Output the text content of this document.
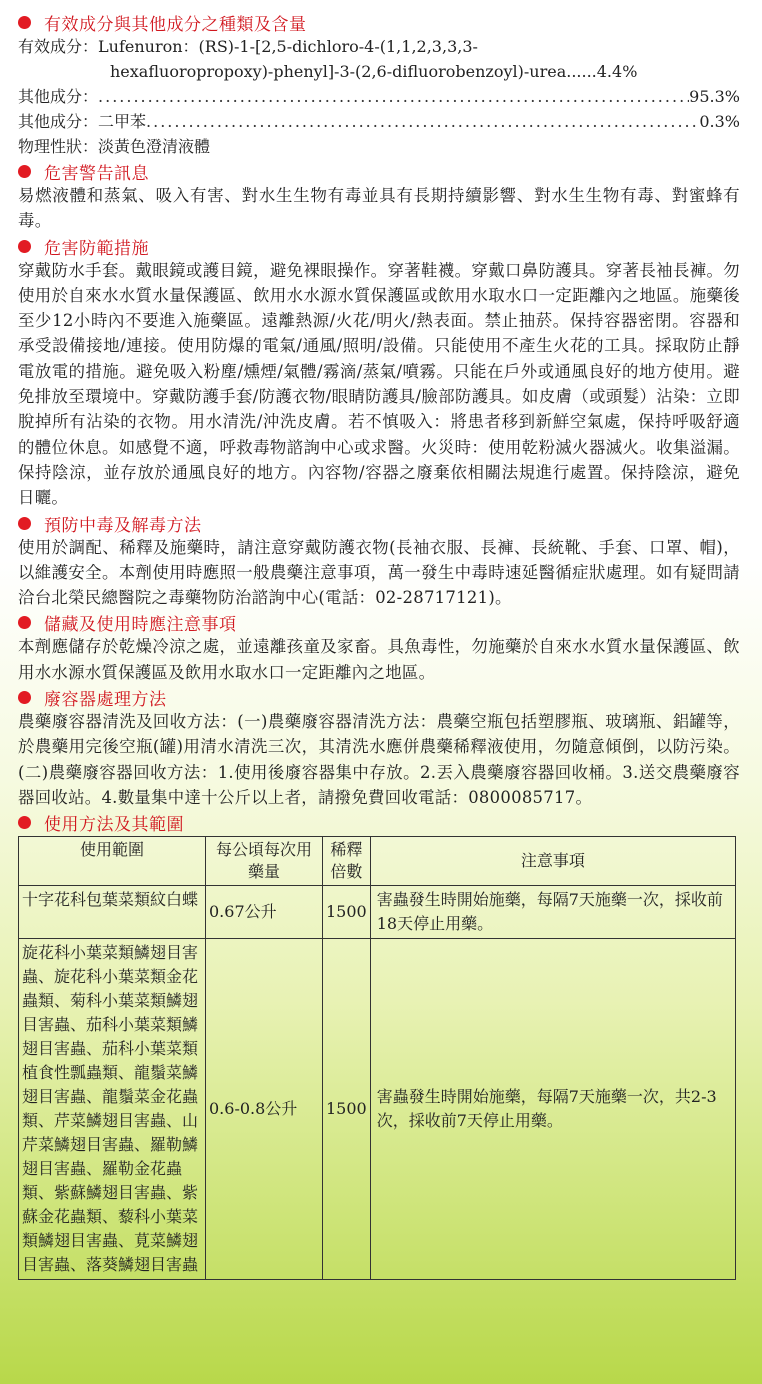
有效成分與其他成分之種類及含量
有效成分： Lufenuron：(RS)-1-[2,5-dichloro-4-(1,1,2,3,3,3-
hexafluoropropoxy)-phenyl]-3-(2,6-difluorobenzoyl)-urea......4.4%
其他成分： .....	95.3%
其他成分：二甲苯 .....	0.3%
物理性狀：淡黃色澄清液體
危害警告訊息
易燃液體和蒸氣、吸入有害、對水生生物有毒並具有長期持續影響、對水生生物有毒、對蜜蜂有毒。
危害防範措施
穿戴防水手套。戴眼鏡或護目鏡，避免裸眼操作。穿著鞋襪。穿戴口鼻防護具。穿著長袖長褲。勿使用於自來水水質水量保護區、飲用水水源水質保護區或飲用水取水口一定距離內之地區。施藥後至少12小時內不要進入施藥區。遠離熱源/火花/明火/熱表面。禁止抽菸。保持容器密閉。容器和承受設備接地/連接。使用防爆的電氣/通風/照明/設備。只能使用不產生火花的工具。採取防止靜電放電的措施。避免吸入粉塵/燻煙/氣體/霧滴/蒸氣/噴霧。只能在戶外或通風良好的地方使用。避免排放至環境中。穿戴防護手套/防護衣物/眼睛防護具/臉部防護具。如皮膚（或頭髮）沾染：立即脫掉所有沾染的衣物。用水清洗/沖洗皮膚。若不慎吸入：將患者移到新鮮空氣處，保持呼吸舒適的體位休息。如感覺不適，呼救毒物諮詢中心或求醫。火災時：使用乾粉滅火器滅火。收集溢漏。保持陰涼，並存放於通風良好的地方。內容物/容器之廢棄依相關法規進行處置。保持陰涼，避免日曬。
預防中毒及解毒方法
使用於調配、稀釋及施藥時，請注意穿戴防護衣物(長袖衣服、長褲、長統靴、手套、口罩、帽)，以維護安全。本劑使用時應照一般農藥注意事項，萬一發生中毒時速延醫循症狀處理。如有疑問請洽台北榮民總醫院之毒藥物防治諮詢中心(電話：02-28717121)。
儲藏及使用時應注意事項
本劑應儲存於乾燥冷涼之處，並遠離孩童及家畜。具魚毒性，勿施藥於自來水水質水量保護區、飲用水水源水質保護區及飲用水取水口一定距離內之地區。
廢容器處理方法
農藥廢容器清洗及回收方法：(一)農藥廢容器清洗方法：農藥空瓶包括塑膠瓶、玻璃瓶、鋁罐等，於農藥用完後空瓶(罐)用清水清洗三次，其清洗水應併農藥稀釋液使用，勿隨意傾倒，以防污染。(二)農藥廢容器回收方法：1.使用後廢容器集中存放。2.丟入農藥廢容器回收桶。3.送交農藥廢容器回收站。4.數量集中達十公斤以上者，請撥免費回收電話：0800085717。
使用方法及其範圍
使用範圍	每公頃每次用藥量	稀釋倍數	注意事項
十字花科包葉菜類紋白蝶	0.67公升	1500	害蟲發生時開始施藥，每隔7天施藥一次，採收前18天停止用藥。
旋花科小葉菜類鱗翅目害蟲、旋花科小葉菜類金花蟲類、菊科小葉菜類鱗翅目害蟲、茄科小葉菜類鱗翅目害蟲、茄科小葉菜類植食性瓢蟲類、龍鬚菜鱗翅目害蟲、龍鬚菜金花蟲類、芹菜鱗翅目害蟲、山芹菜鱗翅目害蟲、羅勒鱗翅目害蟲、羅勒金花蟲類、紫蘇鱗翅目害蟲、紫蘇金花蟲類、藜科小葉菜類鱗翅目害蟲、莧菜鱗翅目害蟲、落葵鱗翅目害蟲	0.6-0.8公升	1500	害蟲發生時開始施藥，每隔7天施藥一次，共2-3次，採收前7天停止用藥。
